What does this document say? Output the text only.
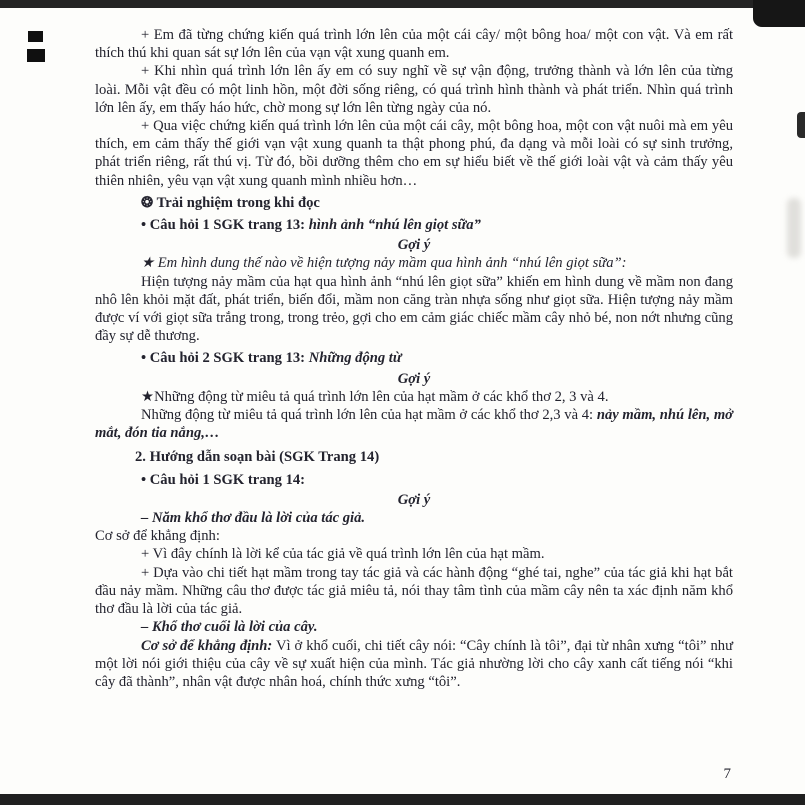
+ Em đã từng chứng kiến quá trình lớn lên của một cái cây/ một bông hoa/ một con vật. Và em rất thích thú khi quan sát sự lớn lên của vạn vật xung quanh em.

+ Khi nhìn quá trình lớn lên ấy em có suy nghĩ về sự vận động, trưởng thành và lớn lên của từng loài. Mỗi vật đều có một linh hồn, một đời sống riêng, có quá trình hình thành và phát triển. Nhìn quá trình lớn lên ấy, em thấy háo hức, chờ mong sự lớn lên từng ngày của nó.

+ Qua việc chứng kiến quá trình lớn lên của một cái cây, một bông hoa, một con vật nuôi mà em yêu thích, em cảm thấy thế giới vạn vật xung quanh ta thật phong phú, đa dạng và mỗi loài có sự sinh trưởng, phát triển riêng, rất thú vị. Từ đó, bồi dưỡng thêm cho em sự hiểu biết về thế giới loài vật và cảm thấy yêu thiên nhiên, yêu vạn vật xung quanh mình nhiều hơn…

❂ Trải nghiệm trong khi đọc

• Câu hỏi 1 SGK trang 13: hình ảnh “nhú lên giọt sữa”

Gợi ý

★ Em hình dung thế nào về hiện tượng nảy mầm qua hình ảnh “nhú lên giọt sữa”:

Hiện tượng nảy mầm của hạt qua hình ảnh “nhú lên giọt sữa” khiến em hình dung về mầm non đang nhô lên khỏi mặt đất, phát triển, biến đổi, mầm non căng tràn nhựa sống như giọt sữa. Hiện tượng nảy mầm được ví với giọt sữa trắng trong, trong trẻo, gợi cho em cảm giác chiếc mầm cây nhỏ bé, non nớt nhưng cũng đầy sự dễ thương.

• Câu hỏi 2 SGK trang 13: Những động từ

Gợi ý

★Những động từ miêu tả quá trình lớn lên của hạt mầm ở các khổ thơ 2, 3 và 4.

Những động từ miêu tả quá trình lớn lên của hạt mầm ở các khổ thơ 2,3 và 4: nảy mầm, nhú lên, mở mắt, đón tia nắng,…

2. Hướng dẫn soạn bài (SGK Trang 14)

• Câu hỏi 1 SGK trang 14:

Gợi ý

– Năm khổ thơ đầu là lời của tác giả.

Cơ sở để khẳng định:

+ Vì đây chính là lời kể của tác giả về quá trình lớn lên của hạt mầm.

+ Dựa vào chi tiết hạt mầm trong tay tác giả và các hành động “ghé tai, nghe” của tác giả khi hạt bắt đầu nảy mầm. Những câu thơ được tác giả miêu tả, nói thay tâm tình của mầm cây nên ta xác định năm khổ thơ đầu là lời của tác giả.

– Khổ thơ cuối là lời của cây.

Cơ sở để khẳng định: Vì ở khổ cuối, chi tiết cây nói: “Cây chính là tôi”, đại từ nhân xưng “tôi” như một lời nói giới thiệu của cây về sự xuất hiện của mình. Tác giả nhường lời cho cây xanh cất tiếng nói “khi cây đã thành”, nhân vật được nhân hoá, chính thức xưng “tôi”.

7
